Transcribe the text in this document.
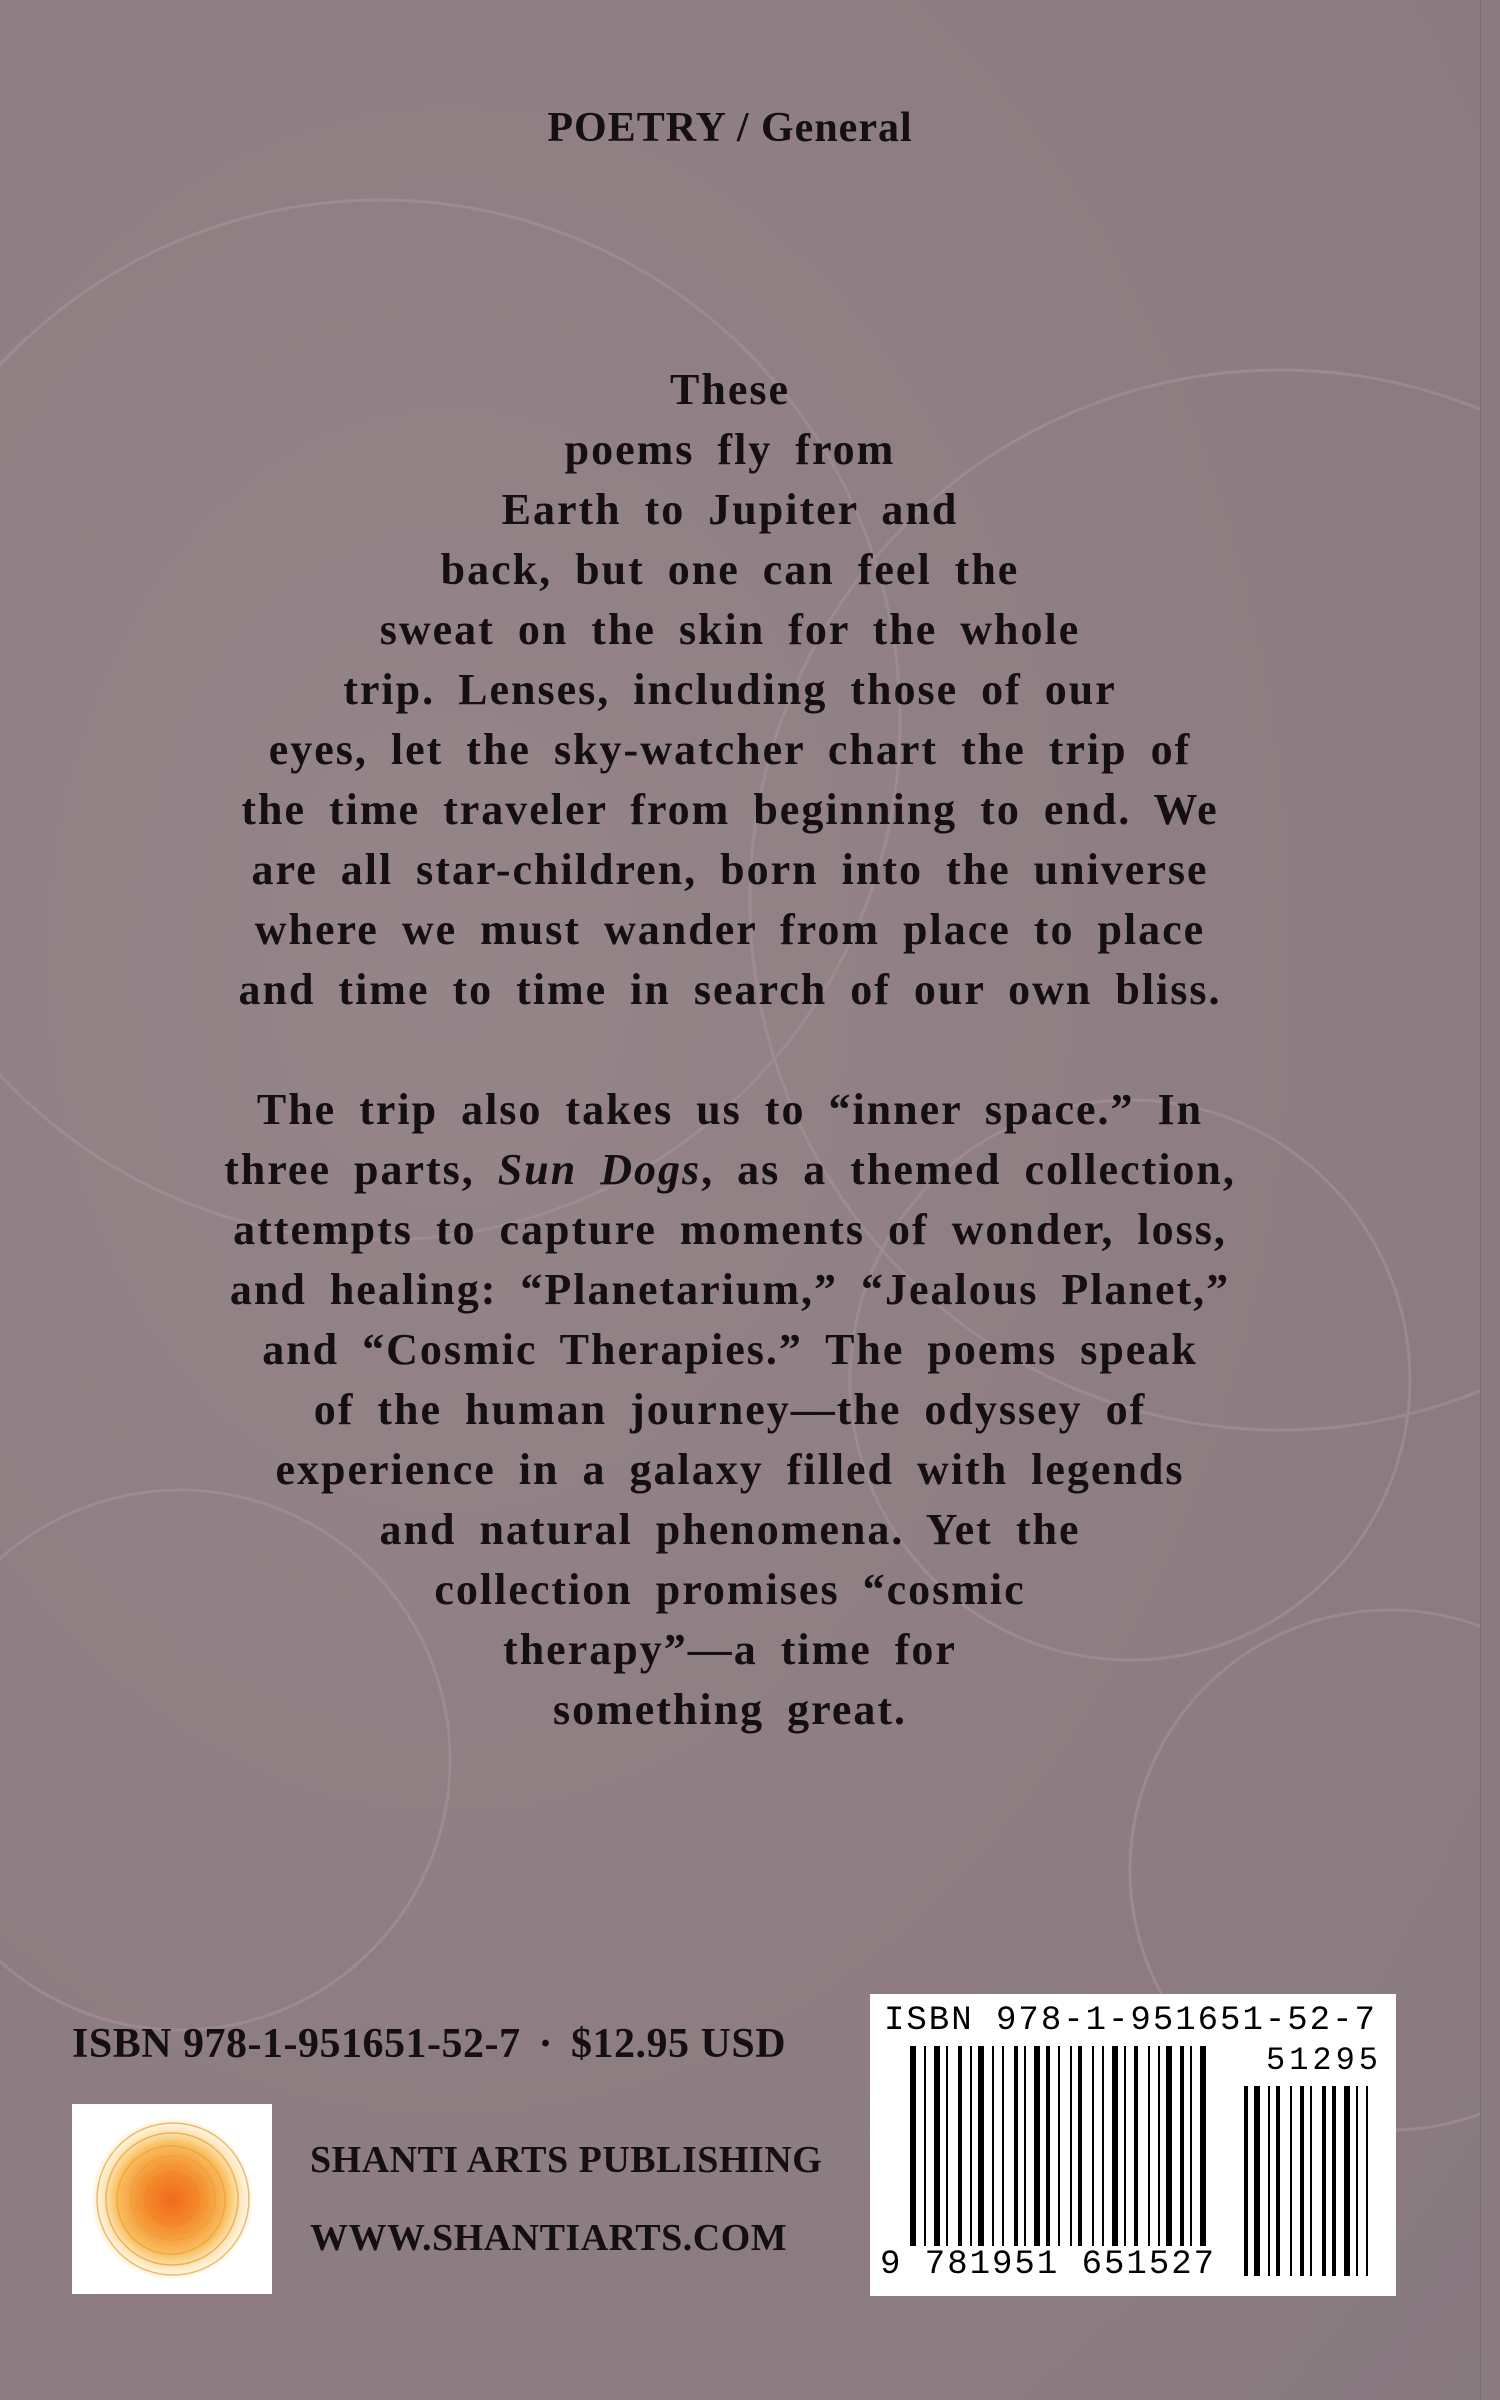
POETRY / General
These
poems fly from
Earth to Jupiter and
back, but one can feel the
sweat on the skin for the whole
trip. Lenses, including those of our
eyes, let the sky-watcher chart the trip of
the time traveler from beginning to end. We
are all star-children, born into the universe
where we must wander from place to place
and time to time in search of our own bliss.
The trip also takes us to “inner space.” In
three parts, Sun Dogs, as a themed collection,
attempts to capture moments of wonder, loss,
and healing: “Planetarium,” “Jealous Planet,”
and “Cosmic Therapies.” The poems speak
of the human journey—the odyssey of
experience in a galaxy filled with legends
and natural phenomena. Yet the
collection promises “cosmic
therapy”—a time for
something great.
ISBN 978-1-951651-52-7 · $12.95 USD
SHANTI ARTS PUBLISHING
WWW.SHANTIARTS.COM
ISBN 978-1-951651-52-7
51295
9 781951 651527
